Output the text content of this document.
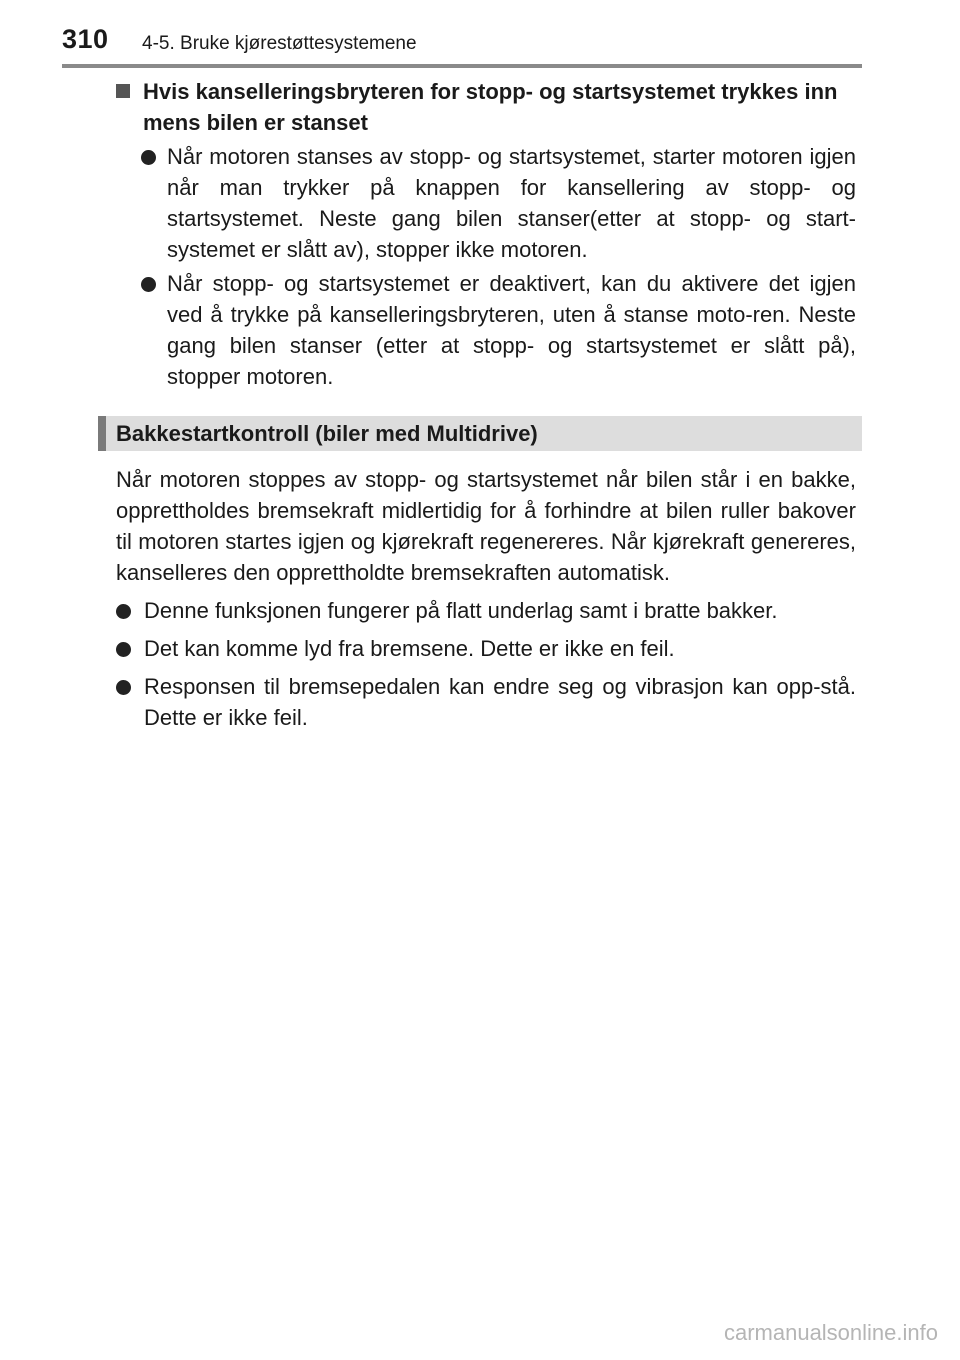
310 4-5. Bruke kjørestøttesystemene

Hvis kanselleringsbryteren for stopp- og startsystemet trykkes inn mens bilen er stanset

Når motoren stanses av stopp- og startsystemet, starter motoren igjen når man trykker på knappen for kansellering av stopp- og startsystemet. Neste gang bilen stanser(etter at stopp- og start-systemet er slått av), stopper ikke motoren.

Når stopp- og startsystemet er deaktivert, kan du aktivere det igjen ved å trykke på kanselleringsbryteren, uten å stanse moto-ren. Neste gang bilen stanser (etter at stopp- og startsystemet er slått på), stopper motoren.

Bakkestartkontroll (biler med Multidrive)

Når motoren stoppes av stopp- og startsystemet når bilen står i en bakke, opprettholdes bremsekraft midlertidig for å forhindre at bilen ruller bakover til motoren startes igjen og kjørekraft regenereres. Når kjørekraft genereres, kanselleres den opprettholdte bremsekraften automatisk.

Denne funksjonen fungerer på flatt underlag samt i bratte bakker.

Det kan komme lyd fra bremsene. Dette er ikke en feil.

Responsen til bremsepedalen kan endre seg og vibrasjon kan opp-stå. Dette er ikke feil.

carmanualsonline.info
